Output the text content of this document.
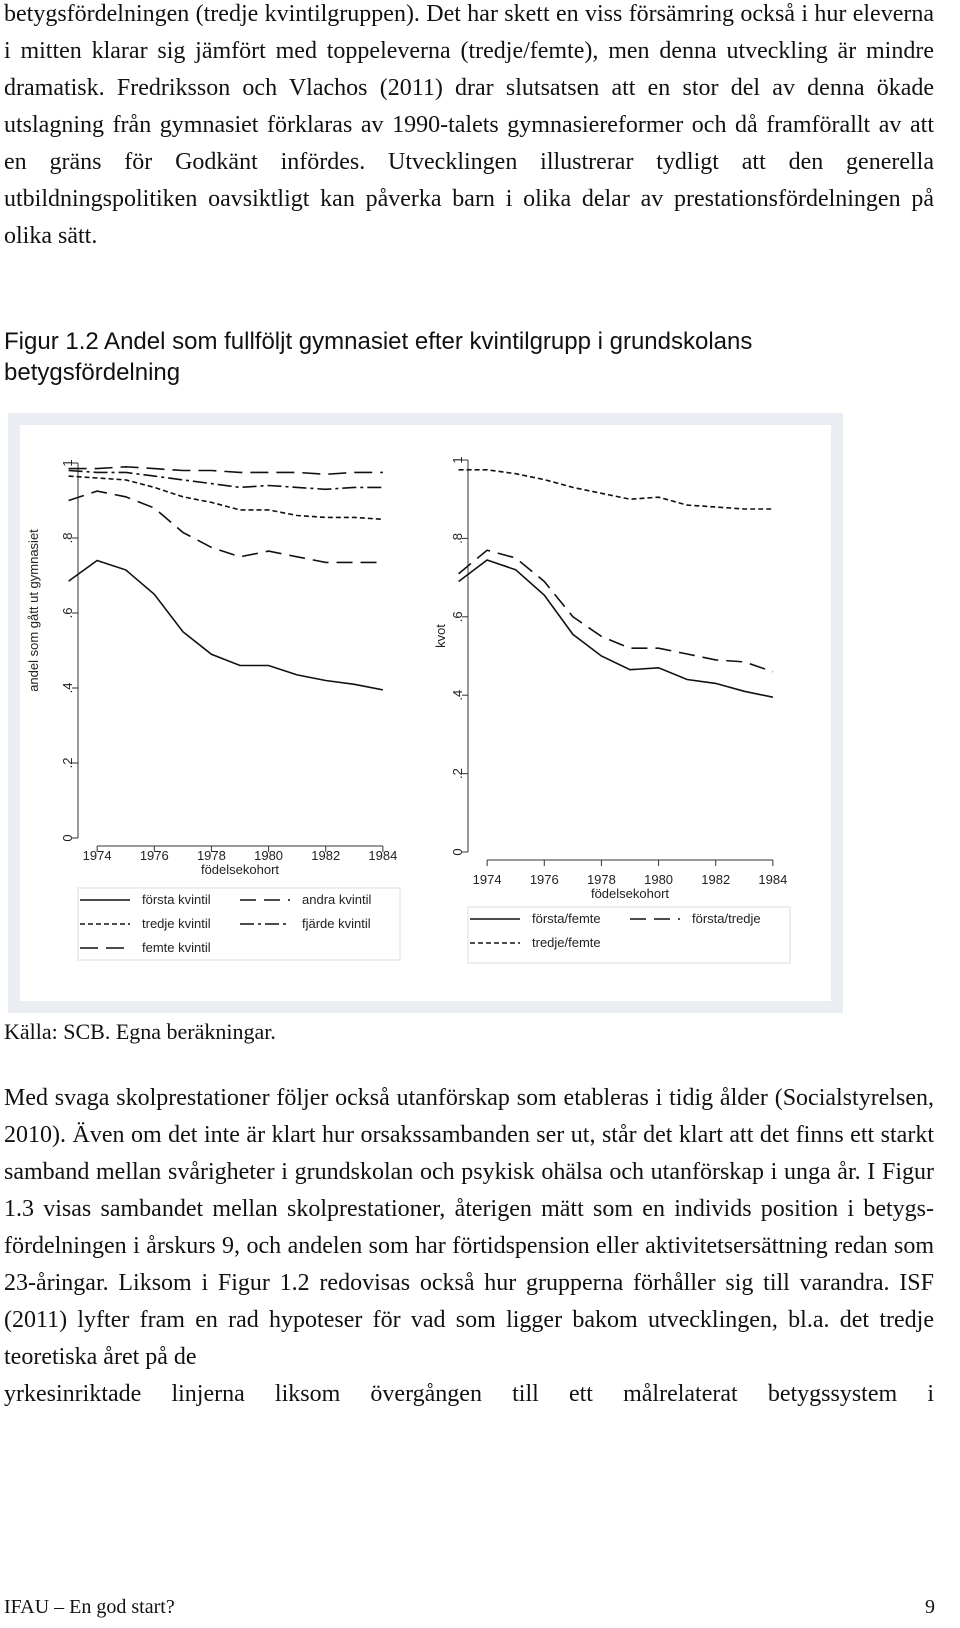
betygsfördelningen (tredje kvintilgruppen). Det har skett en viss försämring också i hur eleverna i mitten klarar sig jämfört med toppeleverna (tredje/femte), men denna utveckling är mindre dramatisk. Fredriksson och Vlachos (2011) drar slutsatsen att en stor del av denna ökade utslagning från gymnasiet förklaras av 1990-talets gymnasiereformer och då framförallt av att en gräns för Godkänt infördes. Utvecklingen illustrerar tydligt att den generella utbildningspolitiken oavsiktligt kan påverka barn i olika delar av prestationsfördelningen på olika sätt.

Figur 1.2 Andel som fullföljt gymnasiet efter kvintilgrupp i grundskolans betygsfördelning

0
.2
.4
.6
.8
1
andel som gått ut gymnasiet
1974 1976 1978 1980 1982 1984
födelsekohort
första kvintil	andra kvintil
tredje kvintil	fjärde kvintil
femte kvintil
0
.2
.4
.6
.8
1
kvot
1974 1976 1978 1980 1982 1984
födelsekohort
första/femte	första/tredje
tredje/femte

Källa: SCB. Egna beräkningar.

Med svaga skolprestationer följer också utanförskap som etableras i tidig ålder (Socialstyrelsen, 2010). Även om det inte är klart hur orsakssambanden ser ut, står det klart att det finns ett starkt samband mellan svårigheter i grundskolan och psykisk ohälsa och utanförskap i unga år. I Figur 1.3 visas sambandet mellan skolprestationer, återigen mätt som en individs position i betygsfördelningen i årskurs 9, och andelen som har förtidspension eller aktivitetsersättning redan som 23-åringar. Liksom i Figur 1.2 redovisas också hur grupperna förhåller sig till varandra. ISF (2011) lyfter fram en rad hypoteser för vad som ligger bakom utvecklingen, bl.a. det tredje teoretiska året på de
yrkesinriktade linjerna liksom övergången till ett målrelaterat betygssystem i

IFAU – En god start?	9
